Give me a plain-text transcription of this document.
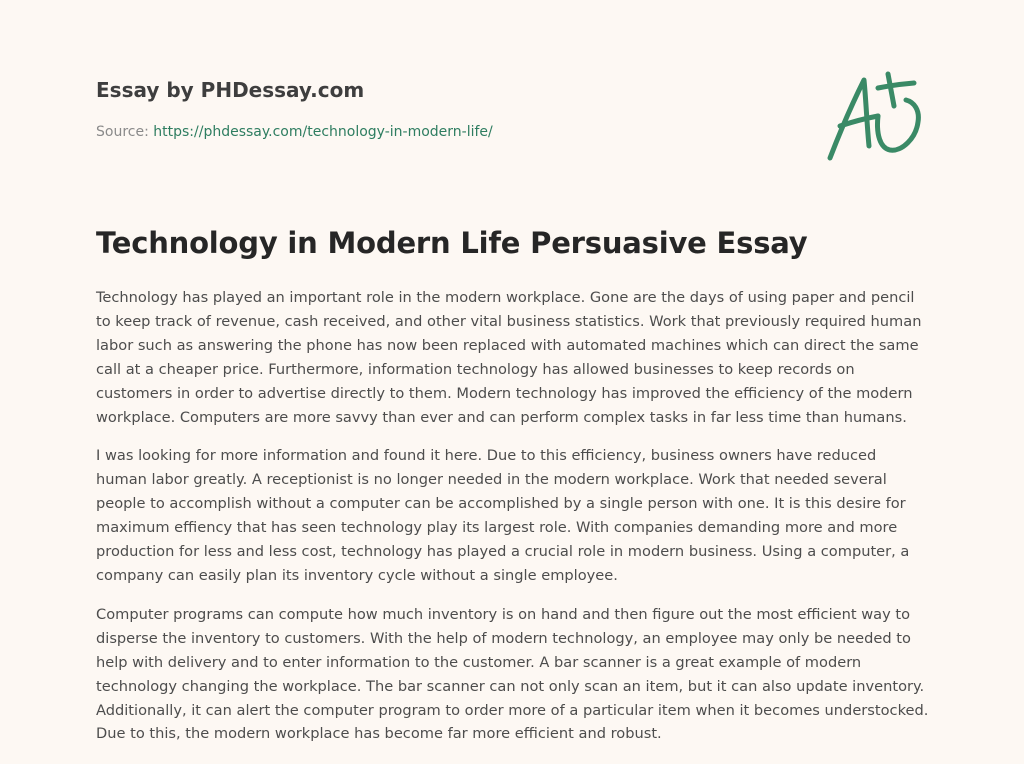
Essay by PHDessay.com
Source: https://phdessay.com/technology-in-modern-life/
Technology in Modern Life Persuasive Essay

Technology has played an important role in the modern workplace. Gone are the days of using paper and pencil to keep track of revenue, cash received, and other vital business statistics. Work that previously required human labor such as answering the phone has now been replaced with automated machines which can direct the same call at a cheaper price. Furthermore, information technology has allowed businesses to keep records on customers in order to advertise directly to them. Modern technology has improved the efficiency of the modern workplace. Computers are more savvy than ever and can perform complex tasks in far less time than humans.

I was looking for more information and found it here. Due to this efficiency, business owners have reduced human labor greatly. A receptionist is no longer needed in the modern workplace. Work that needed several people to accomplish without a computer can be accomplished by a single person with one. It is this desire for maximum effiency that has seen technology play its largest role. With companies demanding more and more production for less and less cost, technology has played a crucial role in modern business. Using a computer, a company can easily plan its inventory cycle without a single employee.

Computer programs can compute how much inventory is on hand and then figure out the most efficient way to disperse the inventory to customers. With the help of modern technology, an employee may only be needed to help with delivery and to enter information to the customer. A bar scanner is a great example of modern technology changing the workplace. The bar scanner can not only scan an item, but it can also update inventory. Additionally, it can alert the computer program to order more of a particular item when it becomes understocked. Due to this, the modern workplace has become far more efficient and robust.
